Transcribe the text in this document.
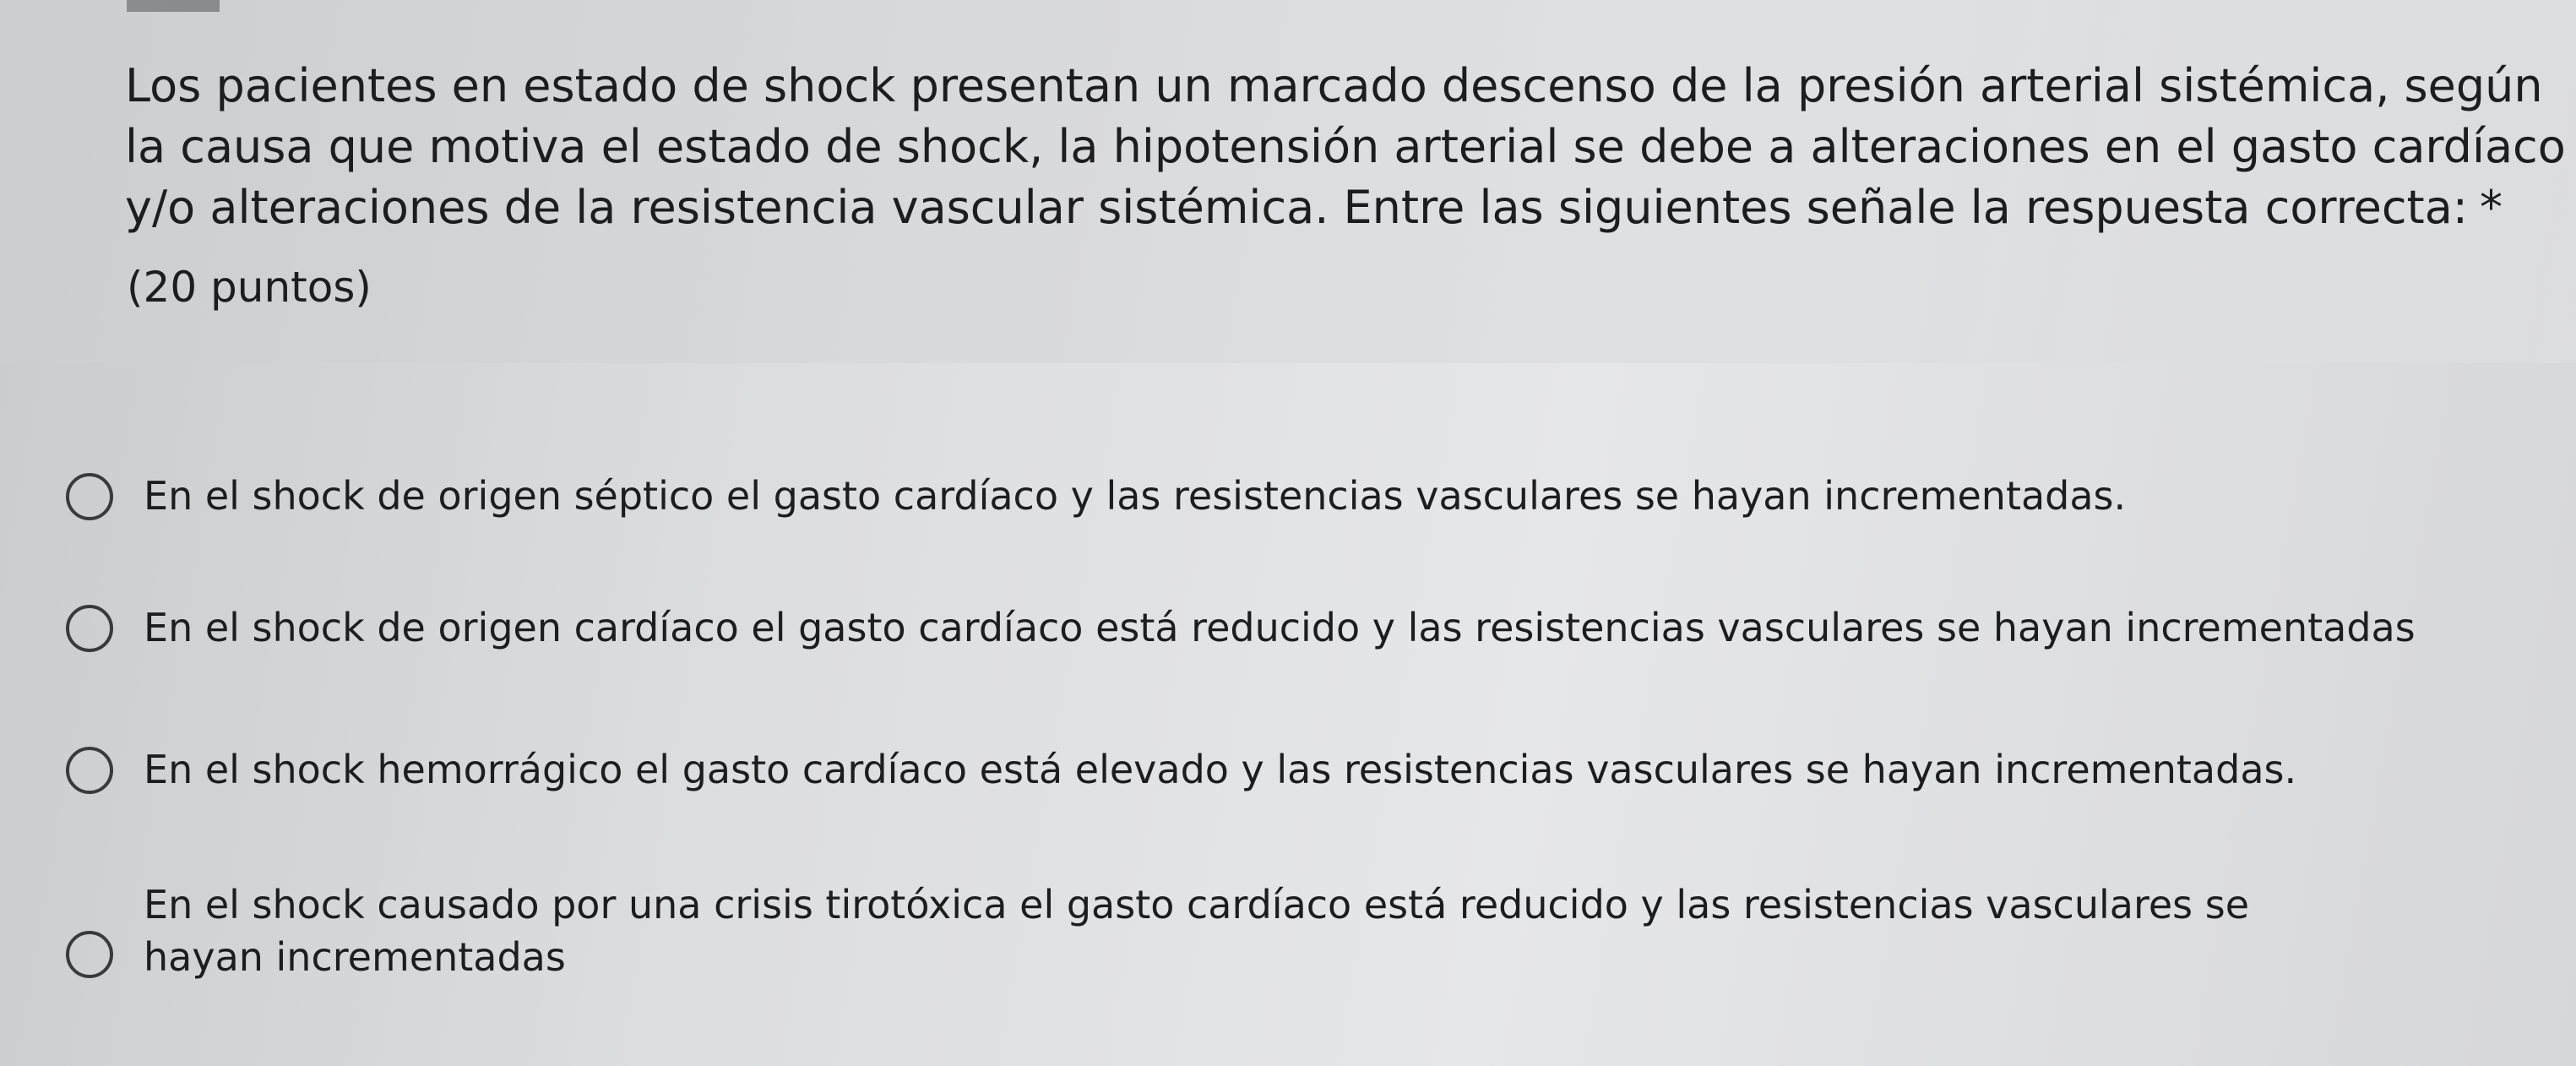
Los pacientes en estado de shock presentan un marcado descenso de la presión arterial sistémica, según
la causa que motiva el estado de shock, la hipotensión arterial se debe a alteraciones en el gasto cardíaco
y/o alteraciones de la resistencia vascular sistémica. Entre las siguientes señale la respuesta correcta: *
(20 puntos)
En el shock de origen séptico el gasto cardíaco y las resistencias vasculares se hayan incrementadas.
En el shock de origen cardíaco el gasto cardíaco está reducido y las resistencias vasculares se hayan incrementadas
En el shock hemorrágico el gasto cardíaco está elevado y las resistencias vasculares se hayan incrementadas.
En el shock causado por una crisis tirotóxica el gasto cardíaco está reducido y las resistencias vasculares se hayan incrementadas
